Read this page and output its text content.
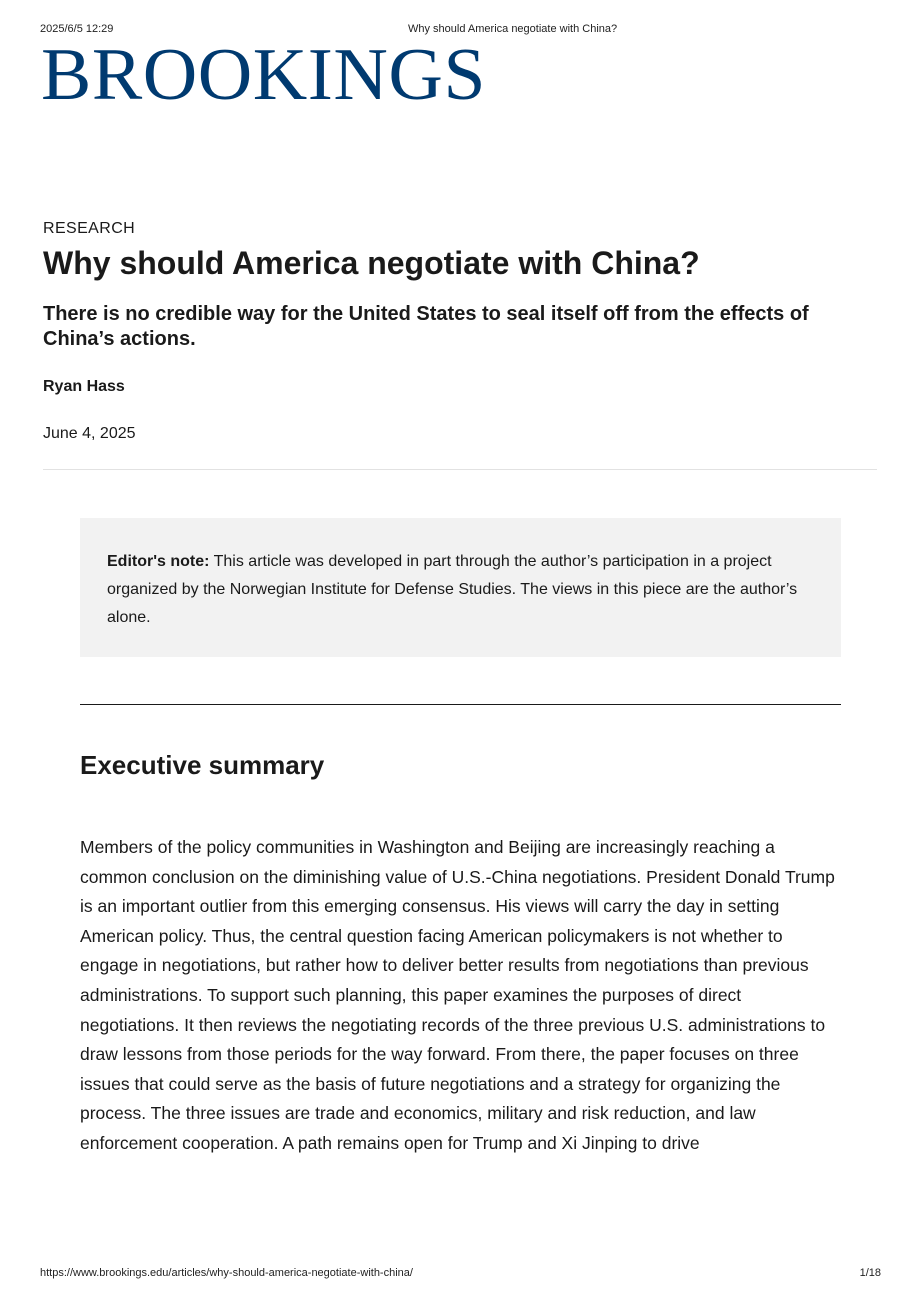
2025/6/5 12:29	Why should America negotiate with China?
BROOKINGS
RESEARCH
Why should America negotiate with China?
There is no credible way for the United States to seal itself off from the effects of China’s actions.
Ryan Hass
June 4, 2025
Editor's note: This article was developed in part through the author’s participation in a project organized by the Norwegian Institute for Defense Studies. The views in this piece are the author’s alone.
Executive summary

Members of the policy communities in Washington and Beijing are increasingly reaching a common conclusion on the diminishing value of U.S.-China negotiations. President Donald Trump is an important outlier from this emerging consensus. His views will carry the day in setting American policy. Thus, the central question facing American policymakers is not whether to engage in negotiations, but rather how to deliver better results from negotiations than previous administrations. To support such planning, this paper examines the purposes of direct negotiations. It then reviews the negotiating records of the three previous U.S. administrations to draw lessons from those periods for the way forward. From there, the paper focuses on three issues that could serve as the basis of future negotiations and a strategy for organizing the process. The three issues are trade and economics, military and risk reduction, and law enforcement cooperation. A path remains open for Trump and Xi Jinping to drive

https://www.brookings.edu/articles/why-should-america-negotiate-with-china/	1/18
